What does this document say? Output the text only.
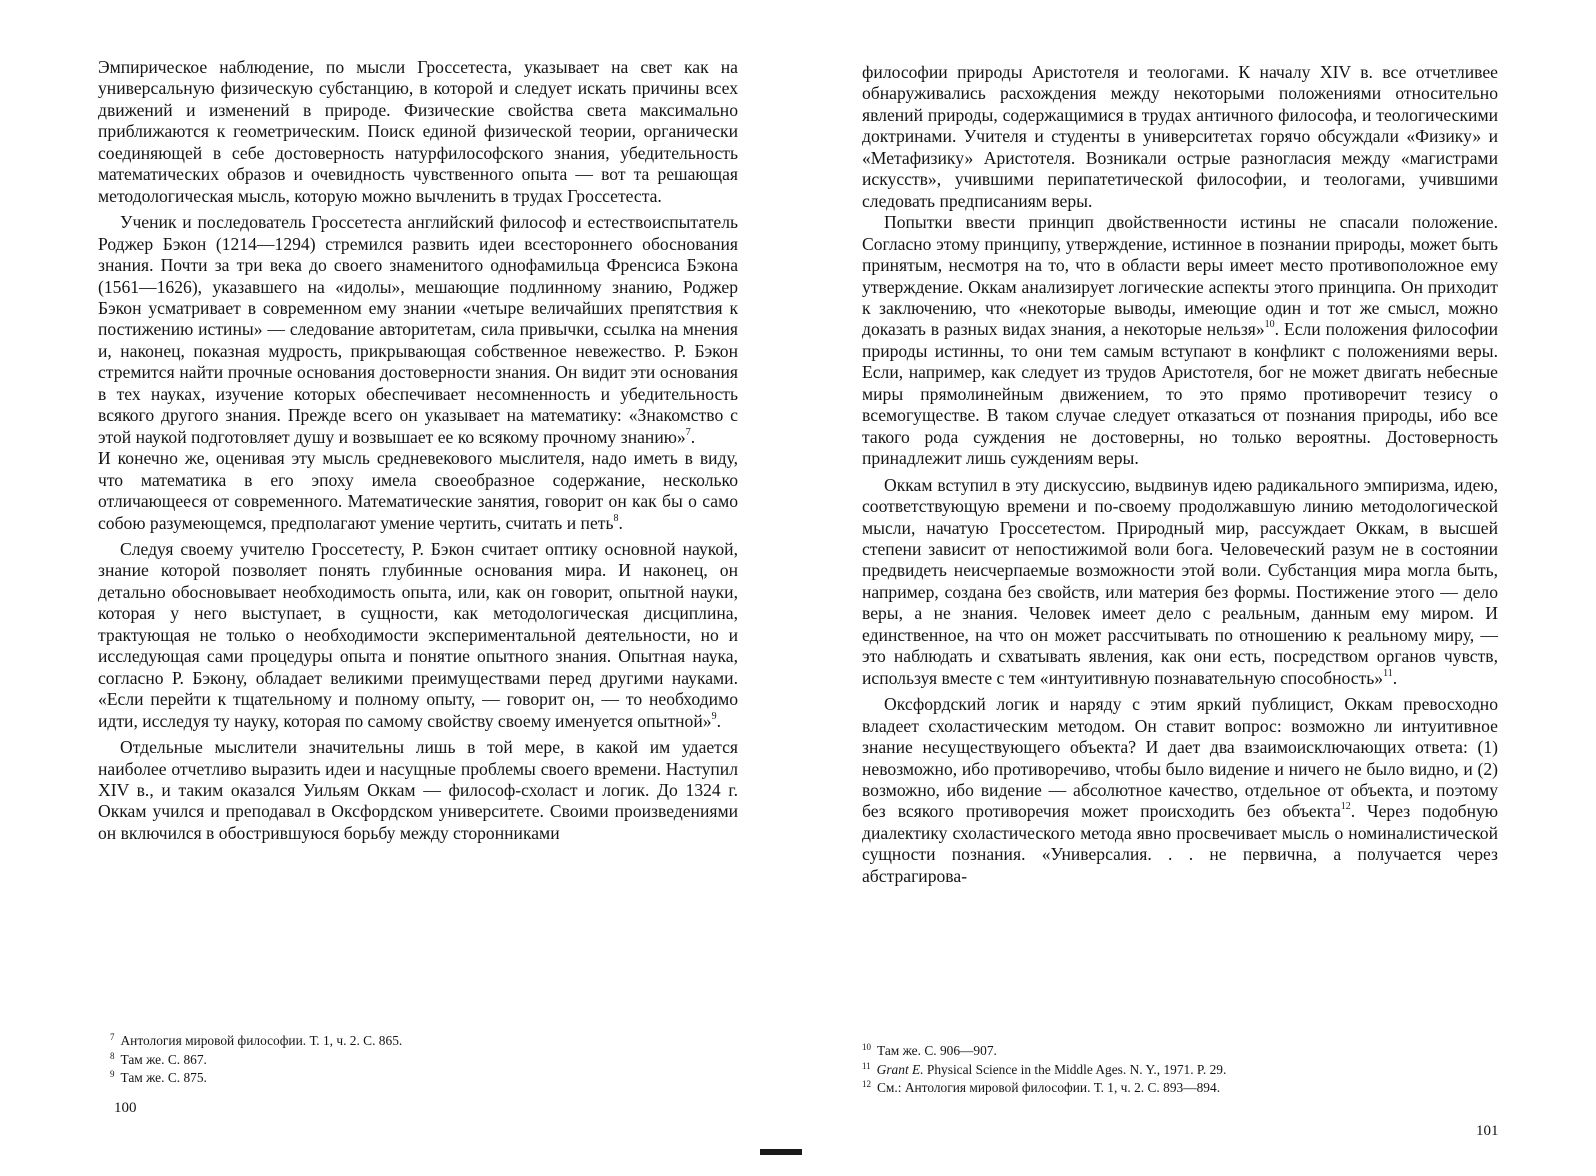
Эмпирическое наблюдение, по мысли Гроссетеста, указывает на свет как на универсальную физическую субстанцию, в которой и следует искать причины всех движений и изменений в природе. Физические свойства света максимально приближаются к геометрическим. Поиск единой физической теории, органически соединяющей в себе достоверность натурфилософского знания, убедительность математических образов и очевидность чувственного опыта — вот та решающая методологическая мысль, которую можно вычленить в трудах Гроссетеста.

Ученик и последователь Гроссетеста английский философ и естествоиспытатель Роджер Бэкон (1214—1294) стремился развить идеи всестороннего обоснования знания. Почти за три века до своего знаменитого однофамильца Френсиса Бэкона (1561—1626), указавшего на «идолы», мешающие подлинному знанию, Роджер Бэкон усматривает в современном ему знании «четыре величайших препятствия к постижению истины» — следование авторитетам, сила привычки, ссылка на мнения и, наконец, показная мудрость, прикрывающая собственное невежество. Р. Бэкон стремится найти прочные основания достоверности знания. Он видит эти основания в тех науках, изучение которых обеспечивает несомненность и убедительность всякого другого знания. Прежде всего он указывает на математику: «Знакомство с этой наукой подготовляет душу и возвышает ее ко всякому прочному знанию»$^7$.

И конечно же, оценивая эту мысль средневекового мыслителя, надо иметь в виду, что математика в его эпоху имела своеобразное содержание, несколько отличающееся от современного. Математические занятия, говорит он как бы о само собою разумеющемся, предполагают умение чертить, считать и петь$^8$.

Следуя своему учителю Гроссетесту, Р. Бэкон считает оптику основной наукой, знание которой позволяет понять глубинные основания мира. И наконец, он детально обосновывает необходимость опыта, или, как он говорит, опытной науки, которая у него выступает, в сущности, как методологическая дисциплина, трактующая не только о необходимости экспериментальной деятельности, но и исследующая сами процедуры опыта и понятие опытного знания. Опытная наука, согласно Р. Бэкону, обладает великими преимуществами перед другими науками. «Если перейти к тщательному и полному опыту, — говорит он, — то необходимо идти, исследуя ту науку, которая по самому свойству своему именуется опытной»$^9$.

Отдельные мыслители значительны лишь в той мере, в какой им удается наиболее отчетливо выразить идеи и насущные проблемы своего времени. Наступил XIV в., и таким оказался Уильям Оккам — философ-схоласт и логик. До 1324 г. Оккам учился и преподавал в Оксфордском университете. Своими произведениями он включился в обострившуюся борьбу между сторонниками

$^7$ Антология мировой философии. Т. 1, ч. 2. С. 865.
$^8$ Там же. С. 867.
$^9$ Там же. С. 875.
100

философии природы Аристотеля и теологами. К началу XIV в. все отчетливее обнаруживались расхождения между некоторыми положениями относительно явлений природы, содержащимися в трудах античного философа, и теологическими доктринами. Учителя и студенты в университетах горячо обсуждали «Физику» и «Метафизику» Аристотеля. Возникали острые разногласия между «магистрами искусств», учившими перипатетической философии, и теологами, учившими следовать предписаниям веры.

Попытки ввести принцип двойственности истины не спасали положение. Согласно этому принципу, утверждение, истинное в познании природы, может быть принятым, несмотря на то, что в области веры имеет место противоположное ему утверждение. Оккам анализирует логические аспекты этого принципа. Он приходит к заключению, что «некоторые выводы, имеющие один и тот же смысл, можно доказать в разных видах знания, а некоторые нельзя»$^{10}$. Если положения философии природы истинны, то они тем самым вступают в конфликт с положениями веры. Если, например, как следует из трудов Аристотеля, бог не может двигать небесные миры прямолинейным движением, то это прямо противоречит тезису о всемогуществе. В таком случае следует отказаться от познания природы, ибо все такого рода суждения не достоверны, но только вероятны. Достоверность принадлежит лишь суждениям веры.

Оккам вступил в эту дискуссию, выдвинув идею радикального эмпиризма, идею, соответствующую времени и по-своему продолжавшую линию методологической мысли, начатую Гроссетестом. Природный мир, рассуждает Оккам, в высшей степени зависит от непостижимой воли бога. Человеческий разум не в состоянии предвидеть неисчерпаемые возможности этой воли. Субстанция мира могла быть, например, создана без свойств, или материя без формы. Постижение этого — дело веры, а не знания. Человек имеет дело с реальным, данным ему миром. И единственное, на что он может рассчитывать по отношению к реальному миру, — это наблюдать и схватывать явления, как они есть, посредством органов чувств, используя вместе с тем «интуитивную познавательную способность»$^{11}$.

Оксфордский логик и наряду с этим яркий публицист, Оккам превосходно владеет схоластическим методом. Он ставит вопрос: возможно ли интуитивное знание несуществующего объекта? И дает два взаимоисключающих ответа: (1) невозможно, ибо противоречиво, чтобы было видение и ничего не было видно, и (2) возможно, ибо видение — абсолютное качество, отдельное от объекта, и поэтому без всякого противоречия может происходить без объекта$^{12}$. Через подобную диалектику схоластического метода явно просвечивает мысль о номиналистической сущности познания. «Универсалия. . . не первична, а получается через абстрагирова-

$^{10}$ Там же. С. 906—907.
$^{11}$ Grant E. Physical Science in the Middle Ages. N. Y., 1971. P. 29.
$^{12}$ См.: Антология мировой философии. Т. 1, ч. 2. С. 893—894.
101
